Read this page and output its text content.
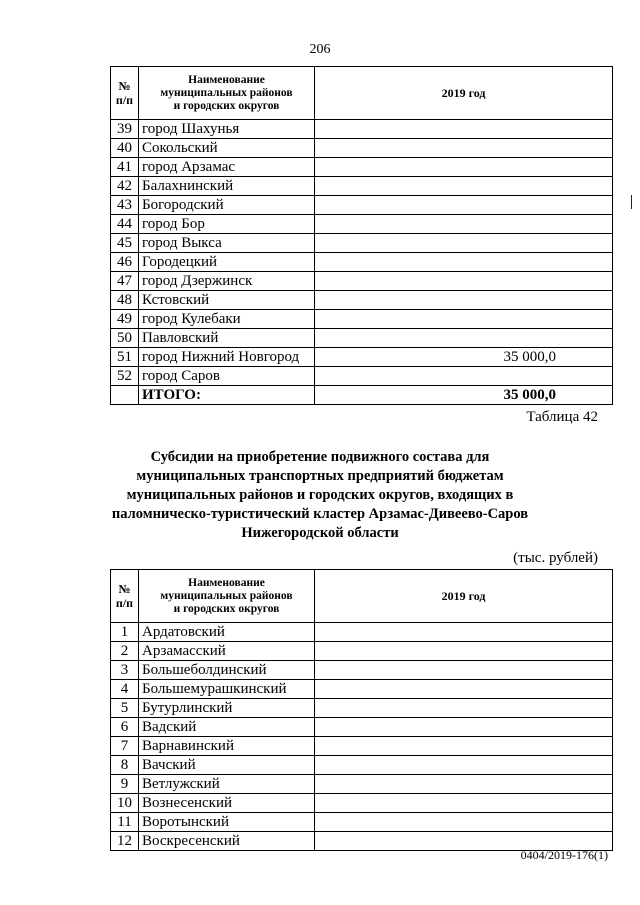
206
№
п/п	Наименование
муниципальных районов
и городских округов	2019 год
39	город Шахунья	
40	Сокольский	
41	город Арзамас	
42	Балахнинский	
43	Богородский	
44	город Бор	
45	город Выкса	
46	Городецкий	
47	город Дзержинск	
48	Кстовский	
49	город Кулебаки	
50	Павловский	
51	город Нижний Новгород	35 000,0
52	город Саров	
	ИТОГО:	35 000,0
Таблица 42
Субсидии на приобретение подвижного состава для
муниципальных транспортных предприятий бюджетам
муниципальных районов и городских округов, входящих в
паломническо-туристический кластер Арзамас-Дивеево-Саров
Нижегородской области
(тыс. рублей)
№
п/п	Наименование
муниципальных районов
и городских округов	2019 год
1	Ардатовский	
2	Арзамасский	
3	Большеболдинский	
4	Большемурашкинский	
5	Бутурлинский	
6	Вадский	
7	Варнавинский	
8	Вачский	
9	Ветлужский	
10	Вознесенский	
11	Воротынский	
12	Воскресенский	
0404/2019-176(1)
